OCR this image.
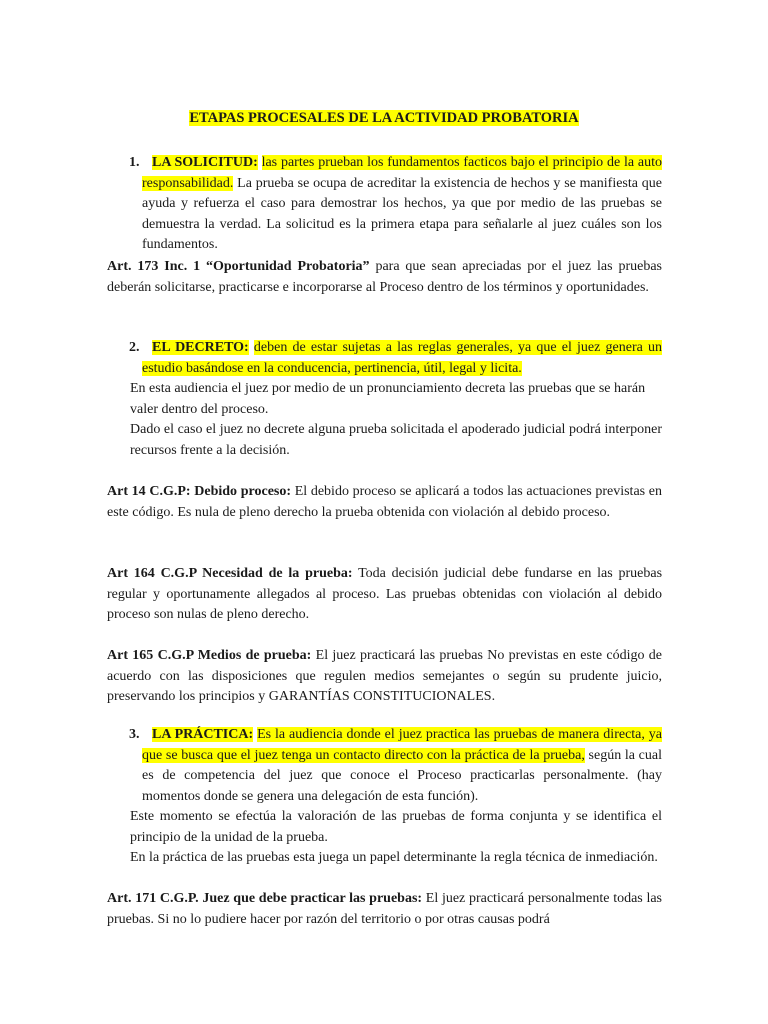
ETAPAS PROCESALES DE LA ACTIVIDAD PROBATORIA
1. LA SOLICITUD: las partes prueban los fundamentos facticos bajo el principio de la auto responsabilidad. La prueba se ocupa de acreditar la existencia de hechos y se manifiesta que ayuda y refuerza el caso para demostrar los hechos, ya que por medio de las pruebas se demuestra la verdad. La solicitud es la primera etapa para señalarle al juez cuáles son los fundamentos.

Art. 173 Inc. 1 “Oportunidad Probatoria” para que sean apreciadas por el juez las pruebas deberán solicitarse, practicarse e incorporarse al Proceso dentro de los términos y oportunidades.

2. EL DECRETO: deben de estar sujetas a las reglas generales, ya que el juez genera un estudio basándose en la conducencia, pertinencia, útil, legal y licita.

En esta audiencia el juez por medio de un pronunciamiento decreta las pruebas que se harán valer dentro del proceso.

Dado el caso el juez no decrete alguna prueba solicitada el apoderado judicial podrá interponer recursos frente a la decisión.

Art 14 C.G.P: Debido proceso: El debido proceso se aplicará a todos las actuaciones previstas en este código. Es nula de pleno derecho la prueba obtenida con violación al debido proceso.

Art 164 C.G.P Necesidad de la prueba: Toda decisión judicial debe fundarse en las pruebas regular y oportunamente allegados al proceso. Las pruebas obtenidas con violación al debido proceso son nulas de pleno derecho.

Art 165 C.G.P Medios de prueba: El juez practicará las pruebas No previstas en este código de acuerdo con las disposiciones que regulen medios semejantes o según su prudente juicio, preservando los principios y GARANTÍAS CONSTITUCIONALES.

3. LA PRÁCTICA: Es la audiencia donde el juez practica las pruebas de manera directa, ya que se busca que el juez tenga un contacto directo con la práctica de la prueba, según la cual es de competencia del juez que conoce el Proceso practicarlas personalmente. (hay momentos donde se genera una delegación de esta función).

Este momento se efectúa la valoración de las pruebas de forma conjunta y se identifica el principio de la unidad de la prueba.

En la práctica de las pruebas esta juega un papel determinante la regla técnica de inmediación.

Art. 171 C.G.P. Juez que debe practicar las pruebas: El juez practicará personalmente todas las pruebas. Si no lo pudiere hacer por razón del territorio o por otras causas podrá
